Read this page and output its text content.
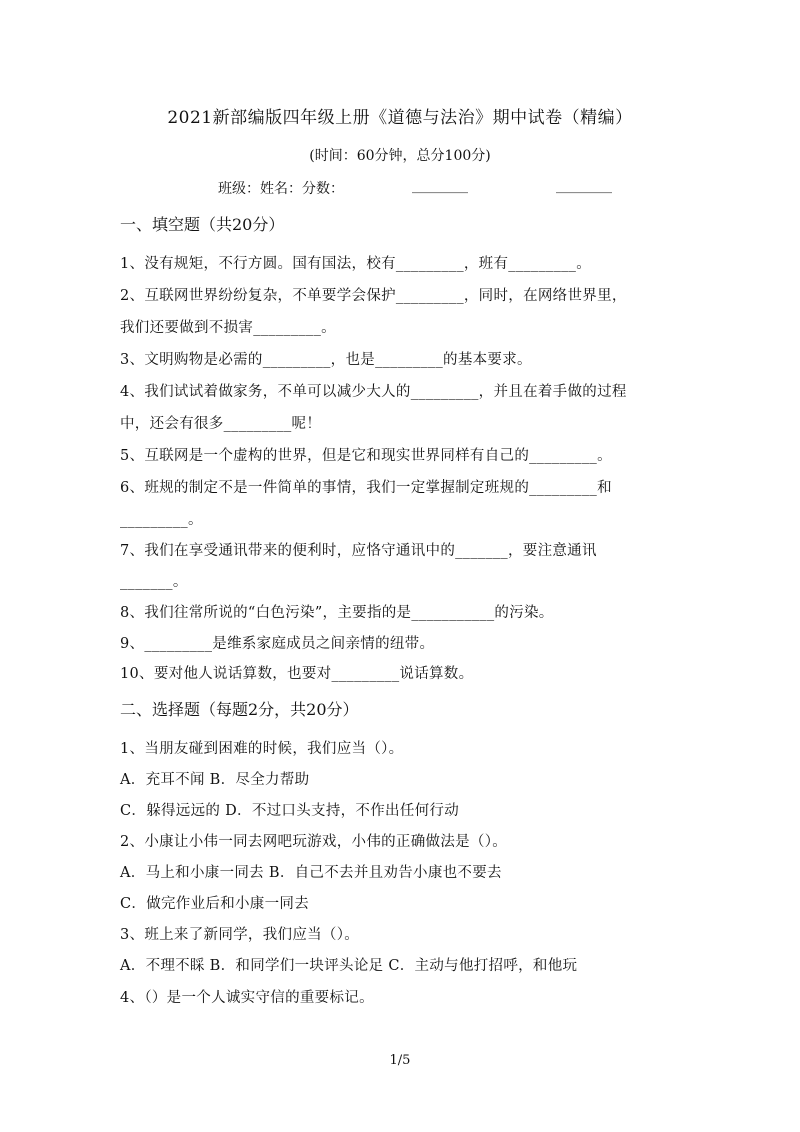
2021新部编版四年级上册《道德与法治》期中试卷（精编）
(时间：60分钟，总分100分)
班级：姓名：分数：	________	________
一、填空题（共20分）
1、没有规矩，不行方圆。国有国法，校有_________，班有_________。
2、互联网世界纷纷复杂，不单要学会保护_________，同时，在网络世界里，
我们还要做到不损害_________。
3、文明购物是必需的_________，也是_________的基本要求。
4、我们试试着做家务，不单可以减少大人的_________，并且在着手做的过程
中，还会有很多_________呢！
5、互联网是一个虚构的世界，但是它和现实世界同样有自己的_________。
6、班规的制定不是一件简单的事情，我们一定掌握制定班规的_________和
_________。
7、我们在享受通讯带来的便利时，应恪守通讯中的_______，要注意通讯
_______。
8、我们往常所说的“白色污染”，主要指的是___________的污染。
9、_________是维系家庭成员之间亲情的纽带。
10、要对他人说话算数，也要对_________说话算数。
二、选择题（每题2分，共20分）
1、当朋友碰到困难的时候，我们应当（）。
A．充耳不闻 B．尽全力帮助
C．躲得远远的 D．不过口头支持，不作出任何行动
2、小康让小伟一同去网吧玩游戏，小伟的正确做法是（）。
A．马上和小康一同去 B．自己不去并且劝告小康也不要去
C．做完作业后和小康一同去
3、班上来了新同学，我们应当（）。
A．不理不睬 B．和同学们一块评头论足 C．主动与他打招呼，和他玩
4、（）是一个人诚实守信的重要标记。
1/5
